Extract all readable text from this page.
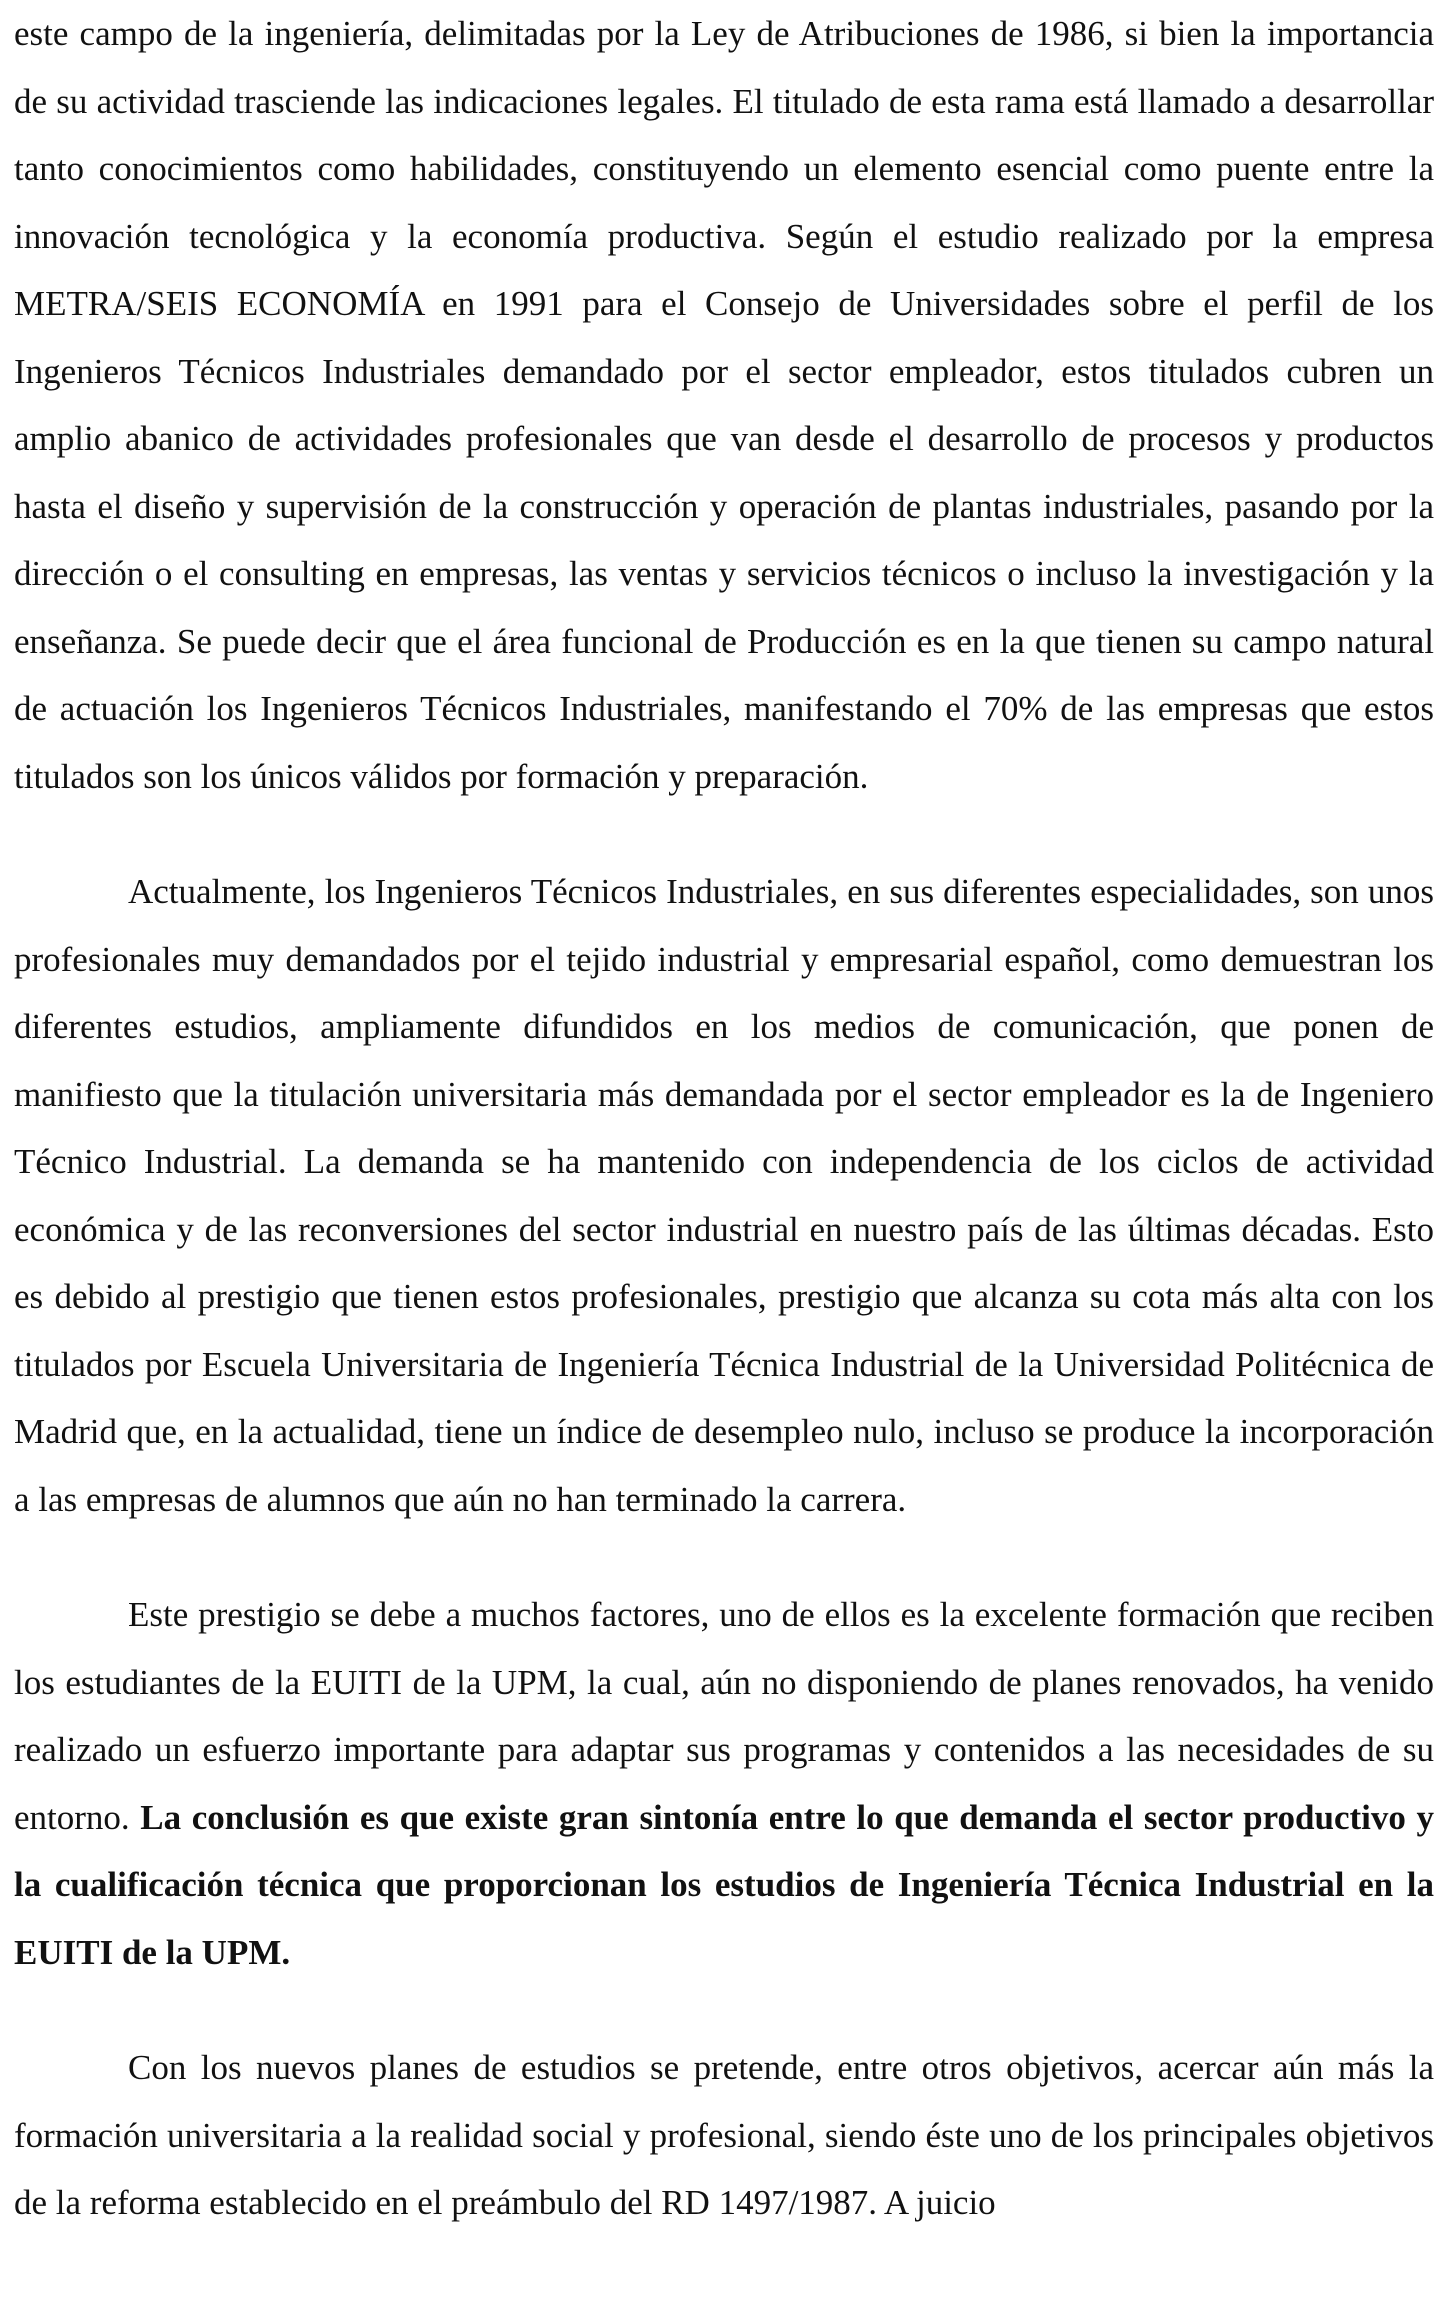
este campo de la ingeniería, delimitadas por la Ley de Atribuciones de 1986, si bien la importancia de su actividad trasciende las indicaciones legales. El titulado de esta rama está llamado a desarrollar tanto conocimientos como habilidades, constituyendo un elemento esencial como puente entre la innovación tecnológica y la economía productiva. Según el estudio realizado por la empresa METRA/SEIS ECONOMÍA en 1991 para el Consejo de Universidades sobre el perfil de los Ingenieros Técnicos Industriales demandado por el sector empleador, estos titulados cubren un amplio abanico de actividades profesionales que van desde el desarrollo de procesos y productos hasta el diseño y supervisión de la construcción y operación de plantas industriales, pasando por la dirección o el consulting en empresas, las ventas y servicios técnicos o incluso la investigación y la enseñanza. Se puede decir que el área funcional de Producción es en la que tienen su campo natural de actuación los Ingenieros Técnicos Industriales, manifestando el 70% de las empresas que estos titulados son los únicos válidos por formación y preparación.

Actualmente, los Ingenieros Técnicos Industriales, en sus diferentes especialidades, son unos profesionales muy demandados por el tejido industrial y empresarial español, como demuestran los diferentes estudios, ampliamente difundidos en los medios de comunicación, que ponen de manifiesto que la titulación universitaria más demandada por el sector empleador es la de Ingeniero Técnico Industrial. La demanda se ha mantenido con independencia de los ciclos de actividad económica y de las reconversiones del sector industrial en nuestro país de las últimas décadas. Esto es debido al prestigio que tienen estos profesionales, prestigio que alcanza su cota más alta con los titulados por Escuela Universitaria de Ingeniería Técnica Industrial de la Universidad Politécnica de Madrid que, en la actualidad, tiene un índice de desempleo nulo, incluso se produce la incorporación a las empresas de alumnos que aún no han terminado la carrera.

Este prestigio se debe a muchos factores, uno de ellos es la excelente formación que reciben los estudiantes de la EUITI de la UPM, la cual, aún no disponiendo de planes renovados, ha venido realizado un esfuerzo importante para adaptar sus programas y contenidos a las necesidades de su entorno. La conclusión es que existe gran sintonía entre lo que demanda el sector productivo y la cualificación técnica que proporcionan los estudios de Ingeniería Técnica Industrial en la EUITI de la UPM.

Con los nuevos planes de estudios se pretende, entre otros objetivos, acercar aún más la formación universitaria a la realidad social y profesional, siendo éste uno de los principales objetivos de la reforma establecido en el preámbulo del RD 1497/1987. A juicio
